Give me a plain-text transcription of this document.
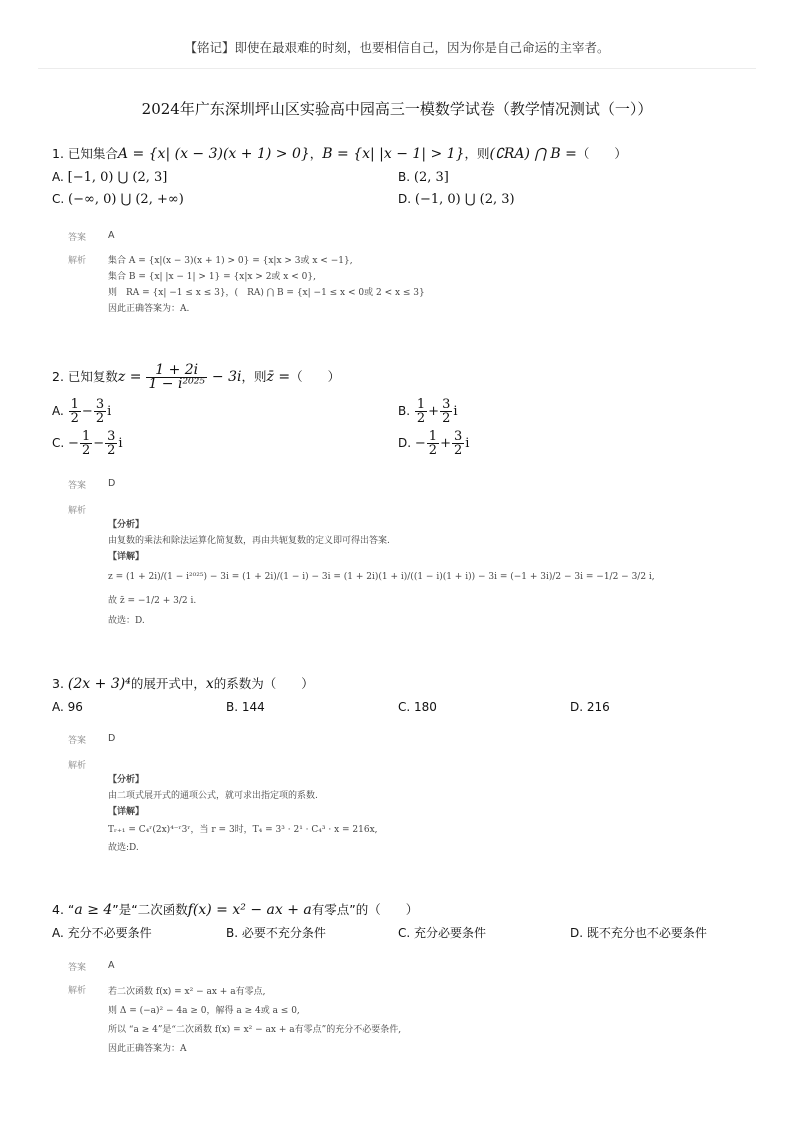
【铭记】即使在最艰难的时刻，也要相信自己，因为你是自己命运的主宰者。
2024年广东深圳坪山区实验高中园高三一模数学试卷（教学情况测试（一））
1. 已知集合A = {x| (x − 3)(x + 1) > 0}，B = {x| |x − 1| > 1}，则(∁RA) ⋂ B =（　　）
A. [−1, 0) ⋃ (2, 3]	B. (2, 3]
C. (−∞, 0) ⋃ (2, +∞)	D. (−1, 0) ⋃ (2, 3)
答案 A
解析 集合 A = {x|(x − 3)(x + 1) > 0} = {x|x > 3或 x < −1},
集合 B = {x| |x − 1| > 1} = {x|x > 2或 x < 0},
则　RA = {x| −1 ≤ x ≤ 3}，(　RA) ⋂ B = {x| −1 ≤ x < 0或 2 < x ≤ 3}
因此正确答案为：A.
2. 已知复数$z = \frac{1 + 2i}{\text{1 − i²⁰²⁵}} - 3i$，则z̄ =（　　）
A. $\frac{1}{2} - \frac{3}{2}$ i	B. $\frac{1}{2} + \frac{3}{2}$ i
C. − $\frac{1}{2} - \frac{3}{2}$ i	D. − $\frac{1}{2} + \frac{3}{2}$ i
答案 D
解析
【分析】
由复数的乘法和除法运算化简复数，再由共轭复数的定义即可得出答案.
【详解】
z = (1 + 2i)/(1 − i²⁰²⁵) − 3i = (1 + 2i)/(1 − i) − 3i = (1 + 2i)(1 + i)/((1 − i)(1 + i)) − 3i = (−1 + 3i)/2 − 3i = −1/2 − 3/2 i,
故 z̄ = −1/2 + 3/2 i.
故选：D.
3. (2x + 3)⁴的展开式中，x的系数为（　　）
A. 96	B. 144	C. 180	D. 216
答案 D
解析
【分析】
由二项式展开式的通项公式，就可求出指定项的系数.
【详解】
Tᵣ₊₁ = C₄ʳ(2x)⁴⁻ʳ3ʳ，当 r = 3时，T₄ = 3³ · 2¹ · C₄³ · x = 216x,
故选:D.
4. “a ≥ 4”是“二次函数f(x) = x² − ax + a有零点”的（　　）
A. 充分不必要条件	B. 必要不充分条件	C. 充分必要条件	D. 既不充分也不必要条件
答案 A
解析 若二次函数 f(x) = x² − ax + a有零点,
则 Δ = (−a)² − 4a ≥ 0，解得 a ≥ 4或 a ≤ 0,
所以 “a ≥ 4”是“二次函数 f(x) = x² − ax + a有零点”的充分不必要条件,
因此正确答案为：A
